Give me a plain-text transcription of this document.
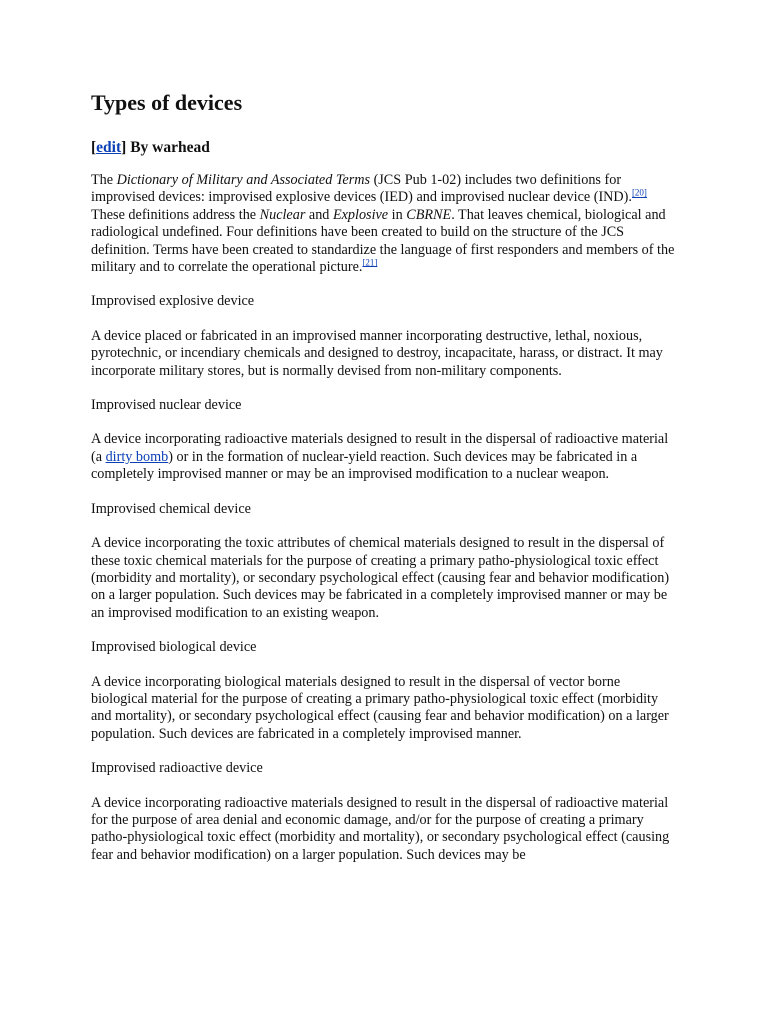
Types of devices
[edit] By warhead

The Dictionary of Military and Associated Terms (JCS Pub 1-02) includes two definitions for improvised devices: improvised explosive devices (IED) and improvised nuclear device (IND).[20] These definitions address the Nuclear and Explosive in CBRNE. That leaves chemical, biological and radiological undefined. Four definitions have been created to build on the structure of the JCS definition. Terms have been created to standardize the language of first responders and members of the military and to correlate the operational picture.[21]

Improvised explosive device

A device placed or fabricated in an improvised manner incorporating destructive, lethal, noxious, pyrotechnic, or incendiary chemicals and designed to destroy, incapacitate, harass, or distract. It may incorporate military stores, but is normally devised from non-military components.

Improvised nuclear device

A device incorporating radioactive materials designed to result in the dispersal of radioactive material (a dirty bomb) or in the formation of nuclear-yield reaction. Such devices may be fabricated in a completely improvised manner or may be an improvised modification to a nuclear weapon.

Improvised chemical device

A device incorporating the toxic attributes of chemical materials designed to result in the dispersal of these toxic chemical materials for the purpose of creating a primary patho-physiological toxic effect (morbidity and mortality), or secondary psychological effect (causing fear and behavior modification) on a larger population. Such devices may be fabricated in a completely improvised manner or may be an improvised modification to an existing weapon.

Improvised biological device

A device incorporating biological materials designed to result in the dispersal of vector borne biological material for the purpose of creating a primary patho-physiological toxic effect (morbidity and mortality), or secondary psychological effect (causing fear and behavior modification) on a larger population. Such devices are fabricated in a completely improvised manner.

Improvised radioactive device

A device incorporating radioactive materials designed to result in the dispersal of radioactive material for the purpose of area denial and economic damage, and/or for the purpose of creating a primary patho-physiological toxic effect (morbidity and mortality), or secondary psychological effect (causing fear and behavior modification) on a larger population. Such devices may be
